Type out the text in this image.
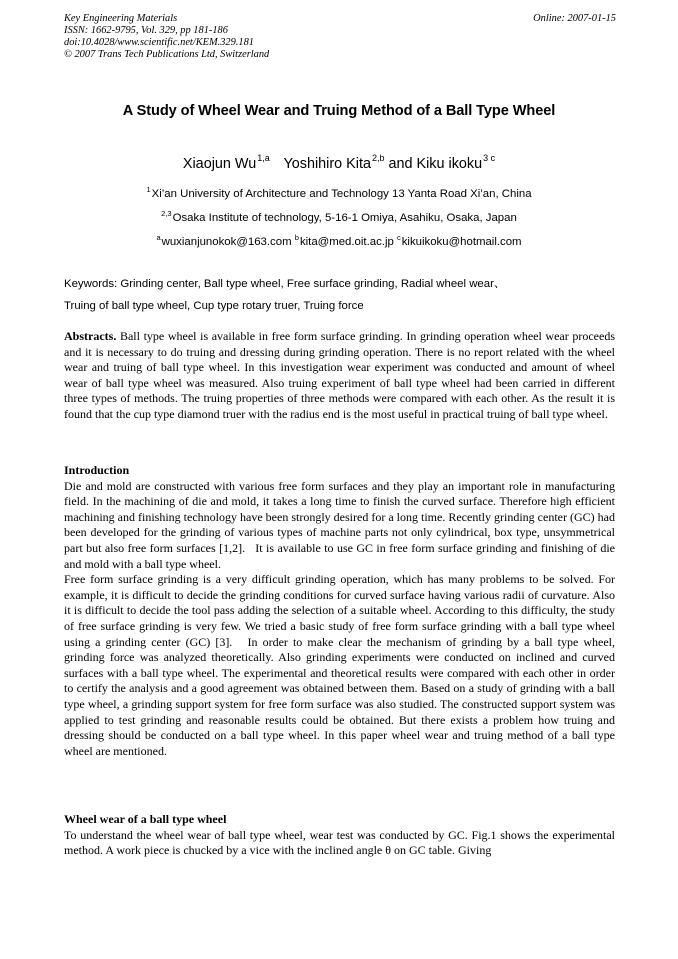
Key Engineering Materials
ISSN: 1662-9795, Vol. 329, pp 181-186
doi:10.4028/www.scientific.net/KEM.329.181
© 2007 Trans Tech Publications Ltd, Switzerland
Online: 2007-01-15
A Study of Wheel Wear and Truing Method of a Ball Type Wheel
Xiaojun Wu$^{1,a}$ Yoshihiro Kita$^{2,b}$ and Kiku ikoku$^{3 c}$
$^1$Xi’an University of Architecture and Technology 13 Yanta Road Xi’an, China
$^{2,3}$Osaka Institute of technology, 5-16-1 Omiya, Asahiku, Osaka, Japan
$^a$wuxianjunokok@163.com $^b$kita@med.oit.ac.jp $^c$kikuikoku@hotmail.com
Keywords: Grinding center, Ball type wheel, Free surface grinding, Radial wheel wear、
Truing of ball type wheel, Cup type rotary truer, Truing force
Abstracts. Ball type wheel is available in free form surface grinding. In grinding operation wheel wear proceeds and it is necessary to do truing and dressing during grinding operation. There is no report related with the wheel wear and truing of ball type wheel. In this investigation wear experiment was conducted and amount of wheel wear of ball type wheel was measured. Also truing experiment of ball type wheel had been carried in different three types of methods. The truing properties of three methods were compared with each other. As the result it is found that the cup type diamond truer with the radius end is the most useful in practical truing of ball type wheel.
Introduction

Die and mold are constructed with various free form surfaces and they play an important role in manufacturing field. In the machining of die and mold, it takes a long time to finish the curved surface. Therefore high efficient machining and finishing technology have been strongly desired for a long time. Recently grinding center (GC) had been developed for the grinding of various types of machine parts not only cylindrical, box type, unsymmetrical part but also free form surfaces [1,2].   It is available to use GC in free form surface grinding and finishing of die and mold with a ball type wheel.

Free form surface grinding is a very difficult grinding operation, which has many problems to be solved. For example, it is difficult to decide the grinding conditions for curved surface having various radii of curvature. Also it is difficult to decide the tool pass adding the selection of a suitable wheel. According to this difficulty, the study of free surface grinding is very few. We tried a basic study of free form surface grinding with a ball type wheel using a grinding center (GC) [3].   In order to make clear the mechanism of grinding by a ball type wheel, grinding force was analyzed theoretically. Also grinding experiments were conducted on inclined and curved surfaces with a ball type wheel. The experimental and theoretical results were compared with each other in order to certify the analysis and a good agreement was obtained between them. Based on a study of grinding with a ball type wheel, a grinding support system for free form surface was also studied. The constructed support system was applied to test grinding and reasonable results could be obtained. But there exists a problem how truing and dressing should be conducted on a ball type wheel. In this paper wheel wear and truing method of a ball type wheel are mentioned.

Wheel wear of a ball type wheel

To understand the wheel wear of ball type wheel, wear test was conducted by GC. Fig.1 shows the experimental method. A work piece is chucked by a vice with the inclined angle θ on GC table. Giving
